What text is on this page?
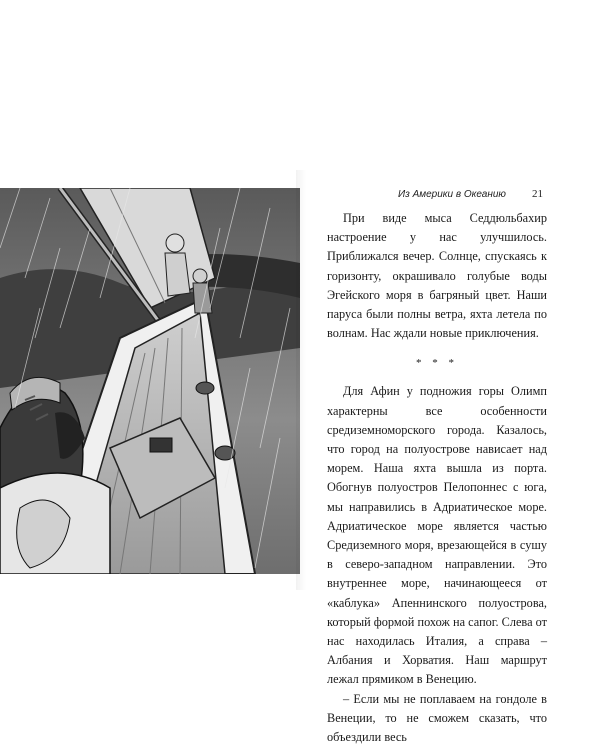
Из Америки в Океанию 21

При виде мыса Седдюльбахир настроение у нас улучшилось. Приближался вечер. Солнце, спускаясь к горизонту, окрашивало голубые воды Эгейского моря в багряный цвет. Наши паруса были полны ветра, яхта летела по волнам. Нас ждали новые приключения.

* * *

Для Афин у подножия горы Олимп характерны все особенности средиземноморского города. Казалось, что город на полуострове нависает над морем. Наша яхта вышла из порта. Обогнув полуостров Пелопоннес с юга, мы направились в Адриатическое море. Адриатическое море является частью Средиземного моря, врезающейся в сушу в северо-западном направлении. Это внутреннее море, начинающееся от «каблука» Апеннинского полуострова, который формой похож на сапог. Слева от нас находилась Италия, а справа – Албания и Хорватия. Наш маршрут лежал прямиком в Венецию.

– Если мы не поплаваем на гондоле в Венеции, то не сможем сказать, что объездили весь
